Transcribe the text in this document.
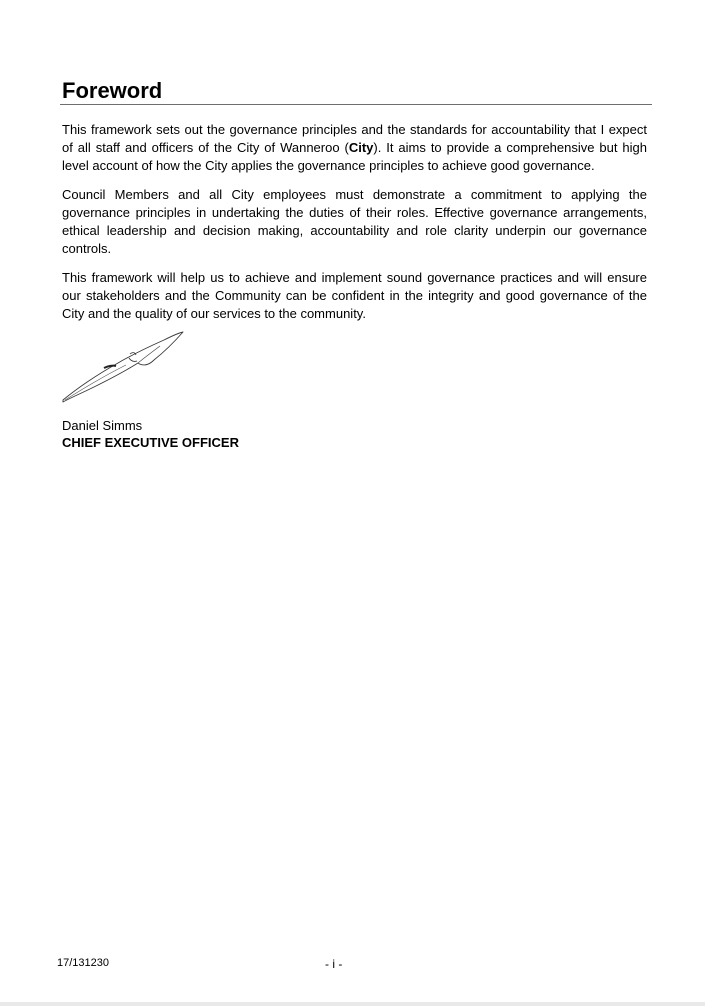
Foreword

This framework sets out the governance principles and the standards for accountability that I expect of all staff and officers of the City of Wanneroo (City). It aims to provide a comprehensive but high level account of how the City applies the governance principles to achieve good governance.

Council Members and all City employees must demonstrate a commitment to applying the governance principles in undertaking the duties of their roles. Effective governance arrangements, ethical leadership and decision making, accountability and role clarity underpin our governance controls.

This framework will help us to achieve and implement sound governance practices and will ensure our stakeholders and the Community can be confident in the integrity and good governance of the City and the quality of our services to the community.

Daniel Simms
CHIEF EXECUTIVE OFFICER
17/131230	- i -
